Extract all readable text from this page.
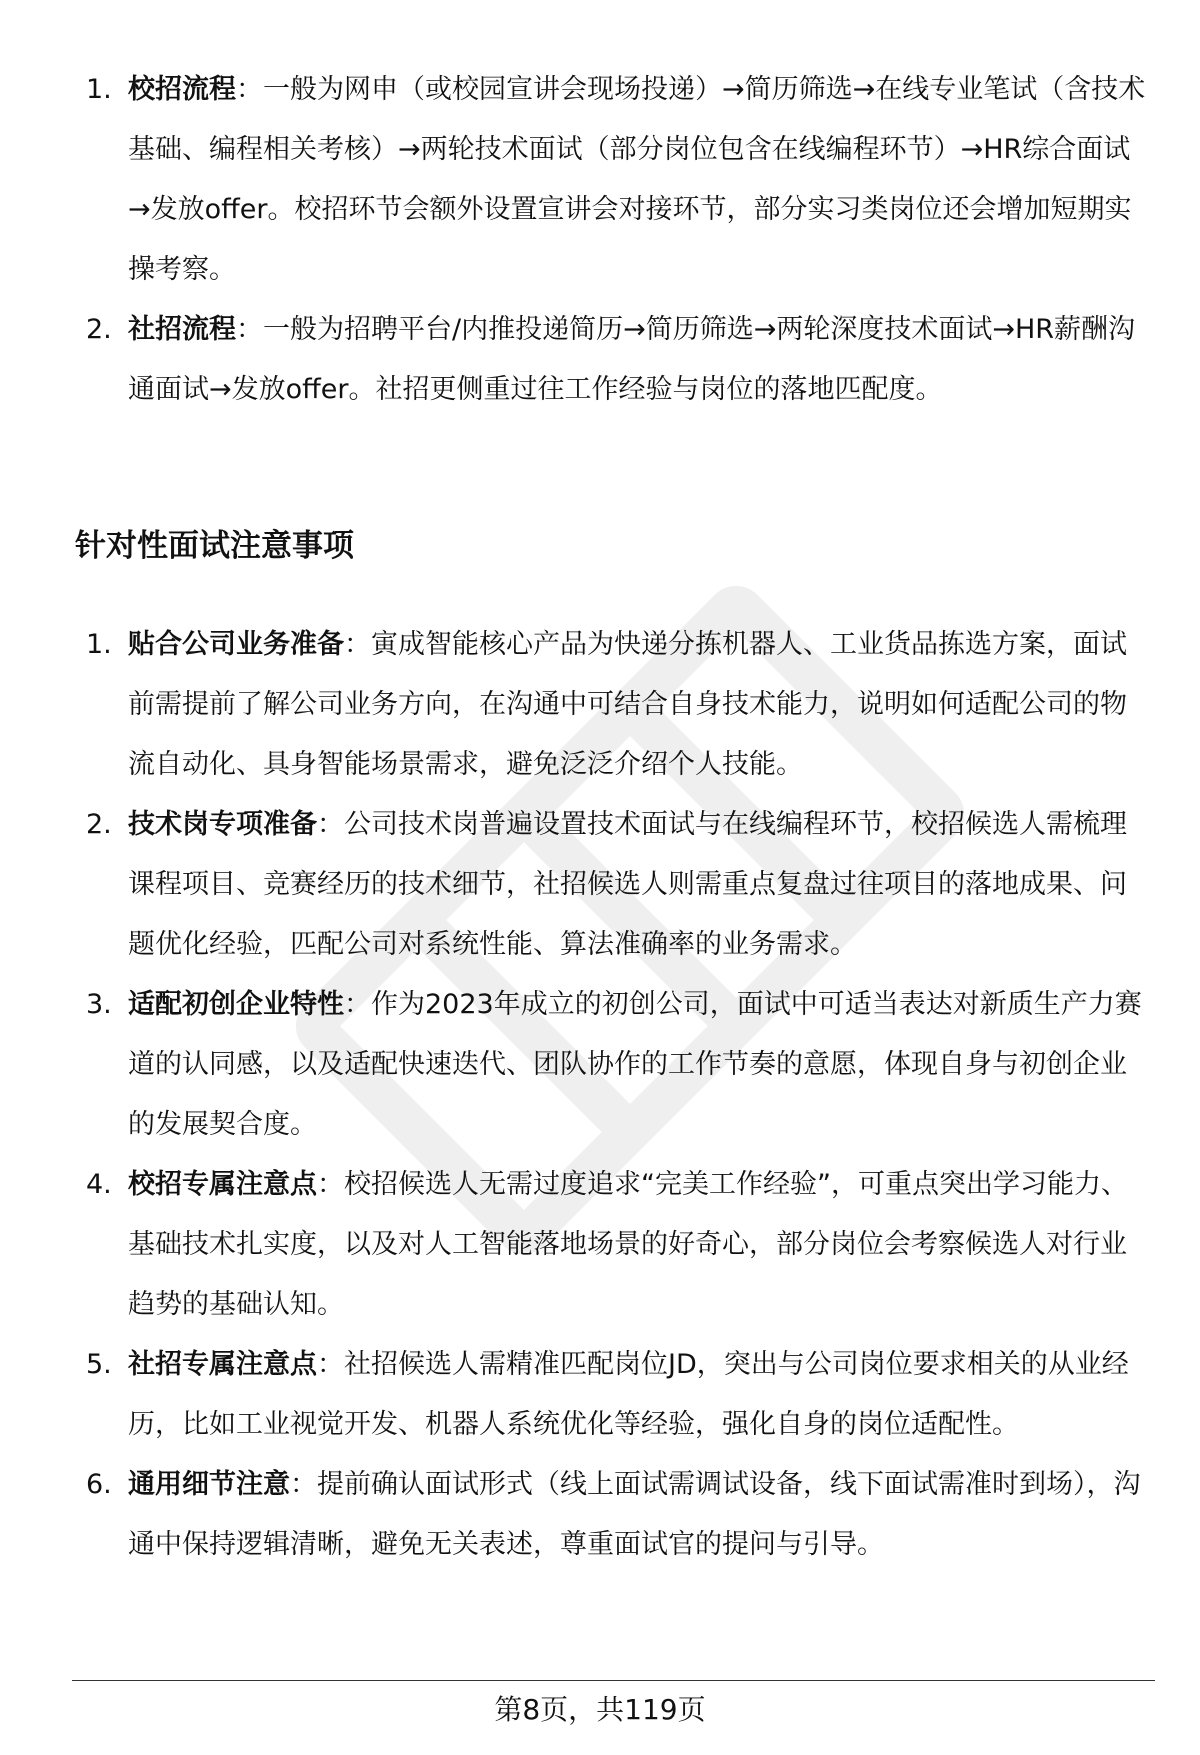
1. 校招流程：一般为网申（或校园宣讲会现场投递）→简历筛选→在线专业笔试（含技术基础、编程相关考核）→两轮技术面试（部分岗位包含在线编程环节）→HR综合面试→发放offer。校招环节会额外设置宣讲会对接环节，部分实习类岗位还会增加短期实操考察。
2. 社招流程：一般为招聘平台/内推投递简历→简历筛选→两轮深度技术面试→HR薪酬沟通面试→发放offer。社招更侧重过往工作经验与岗位的落地匹配度。
针对性面试注意事项
1. 贴合公司业务准备：寅成智能核心产品为快递分拣机器人、工业货品拣选方案，面试前需提前了解公司业务方向，在沟通中可结合自身技术能力，说明如何适配公司的物流自动化、具身智能场景需求，避免泛泛介绍个人技能。
2. 技术岗专项准备：公司技术岗普遍设置技术面试与在线编程环节，校招候选人需梳理课程项目、竞赛经历的技术细节，社招候选人则需重点复盘过往项目的落地成果、问题优化经验，匹配公司对系统性能、算法准确率的业务需求。
3. 适配初创企业特性：作为2023年成立的初创公司，面试中可适当表达对新质生产力赛道的认同感，以及适配快速迭代、团队协作的工作节奏的意愿，体现自身与初创企业的发展契合度。
4. 校招专属注意点：校招候选人无需过度追求“完美工作经验”，可重点突出学习能力、基础技术扎实度，以及对人工智能落地场景的好奇心，部分岗位会考察候选人对行业趋势的基础认知。
5. 社招专属注意点：社招候选人需精准匹配岗位JD，突出与公司岗位要求相关的从业经历，比如工业视觉开发、机器人系统优化等经验，强化自身的岗位适配性。
6. 通用细节注意：提前确认面试形式（线上面试需调试设备，线下面试需准时到场），沟通中保持逻辑清晰，避免无关表述，尊重面试官的提问与引导。
第8页，共119页
